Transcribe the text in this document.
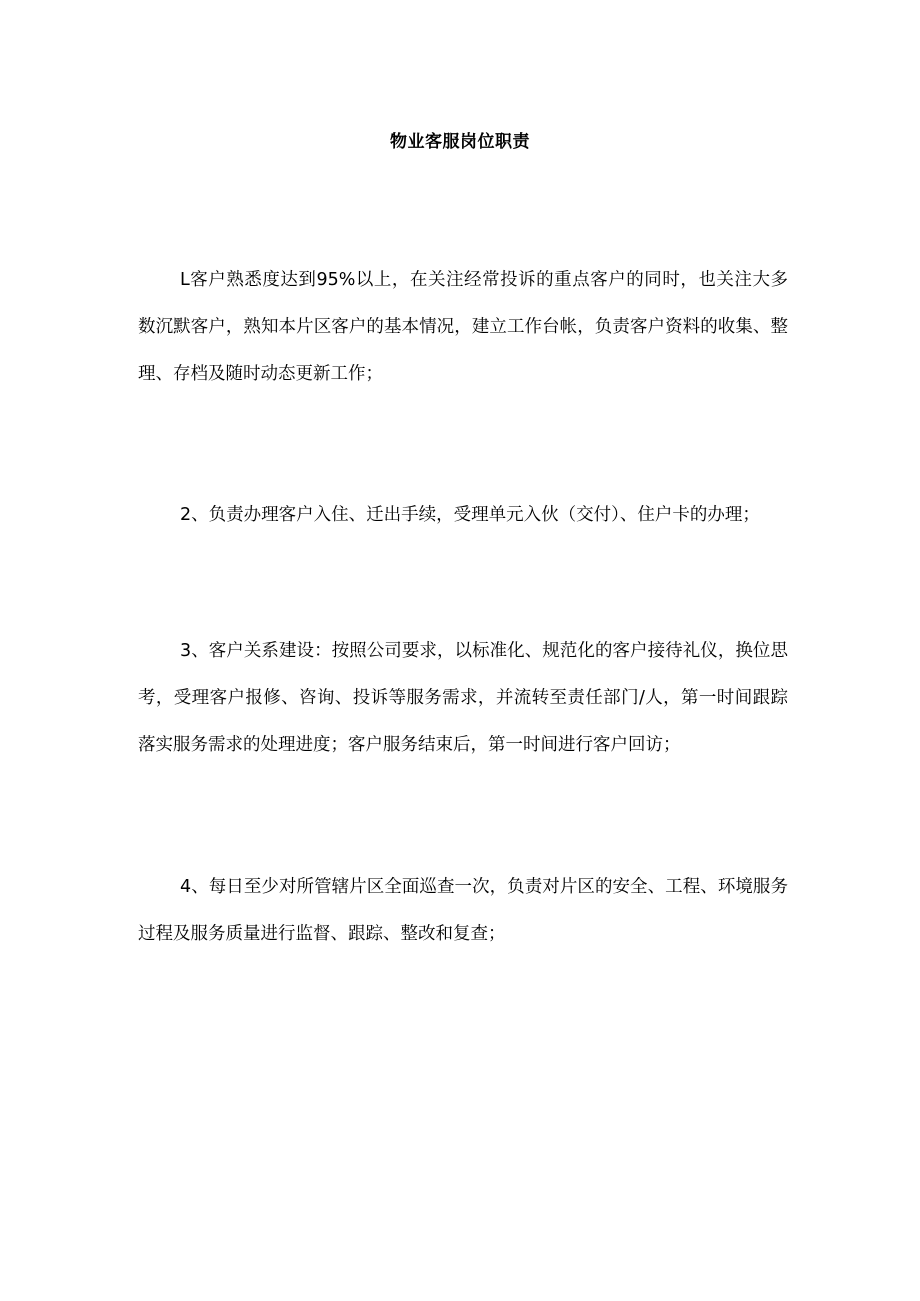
物业客服岗位职责

L客户熟悉度达到95%以上，在关注经常投诉的重点客户的同时，也关注大多数沉默客户，熟知本片区客户的基本情况，建立工作台帐，负责客户资料的收集、整理、存档及随时动态更新工作；

2、负责办理客户入住、迁出手续，受理单元入伙（交付）、住户卡的办理；

3、客户关系建设：按照公司要求，以标准化、规范化的客户接待礼仪，换位思考，受理客户报修、咨询、投诉等服务需求，并流转至责任部门/人，第一时间跟踪落实服务需求的处理进度；客户服务结束后，第一时间进行客户回访；

4、每日至少对所管辖片区全面巡查一次，负责对片区的安全、工程、环境服务过程及服务质量进行监督、跟踪、整改和复查；
